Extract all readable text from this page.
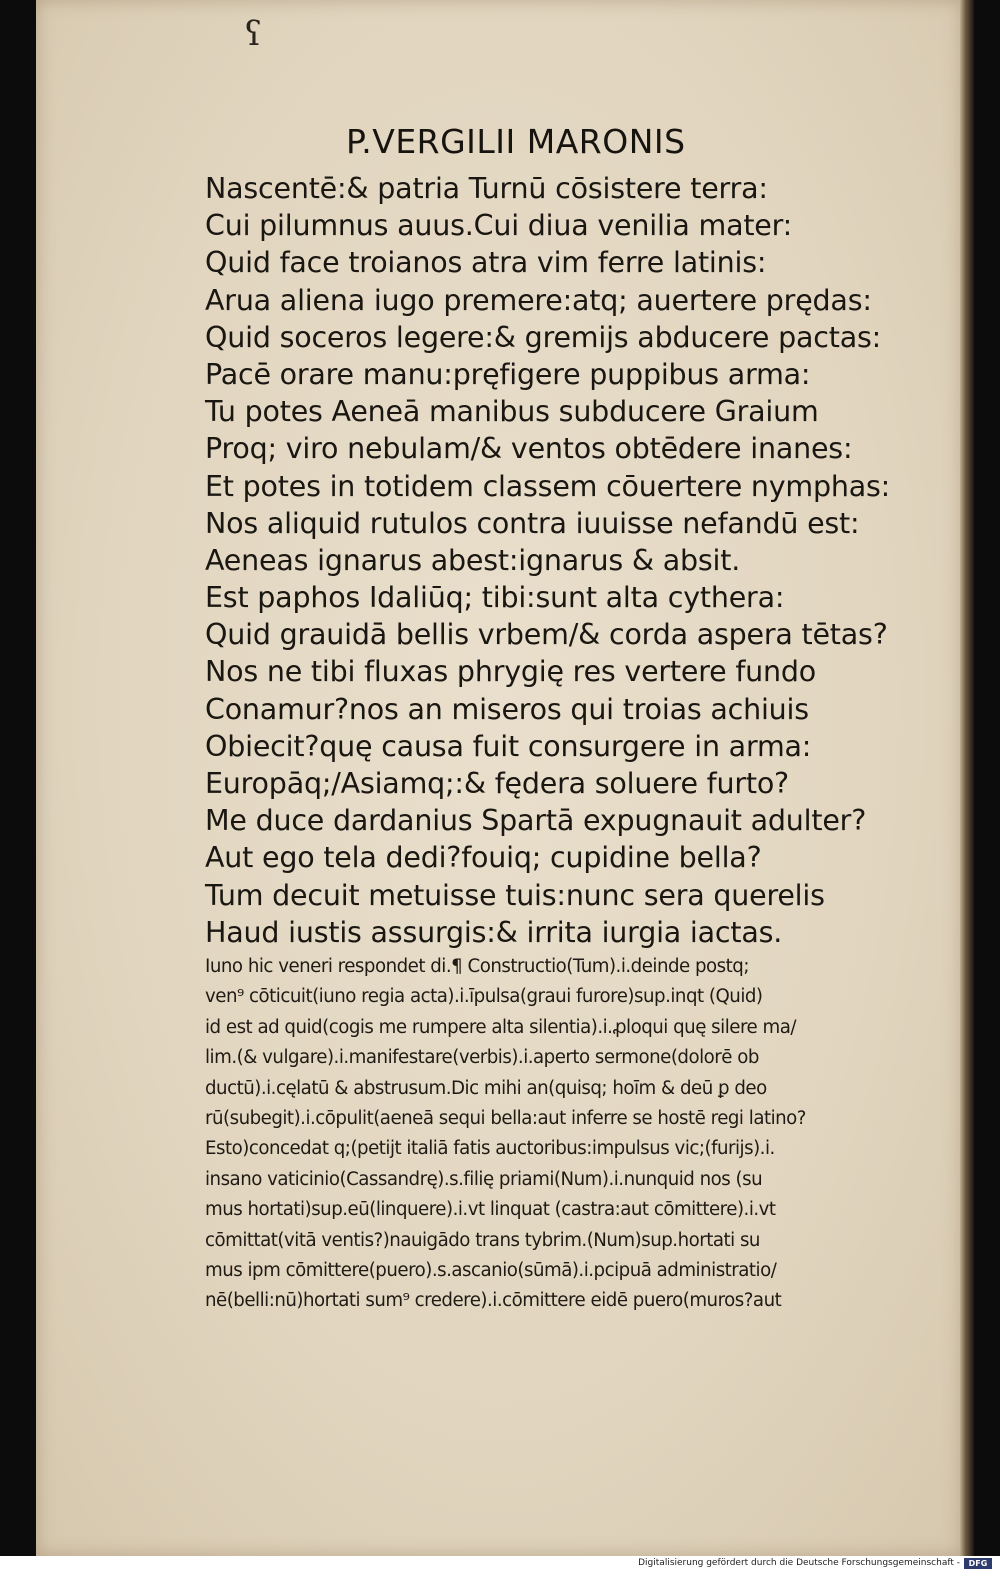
ʕ
P.VERGILII MARONIS
Nascentē:& patria Turnū cōsistere terra:
Cui pilumnus auus.Cui diua venilia mater:
Quid face troianos atra vim ferre latinis:
Arua aliena iugo premere:atq; auertere prędas:
Quid soceros legere:& gremijs abducere pactas:
Pacē orare manu:pręfigere puppibus arma:
Tu potes Aeneā manibus subducere Graium
Proq; viro nebulam/& ventos obtēdere inanes:
Et potes in totidem classem cōuertere nymphas:
Nos aliquid rutulos contra iuuisse nefandū est:
Aeneas ignarus abest:ignarus & absit.
Est paphos Idaliūq; tibi:sunt alta cythera:
Quid grauidā bellis vrbem/& corda aspera tētas?
Nos ne tibi fluxas phrygię res vertere fundo
Conamur?nos an miseros qui troias achiuis
Obiecit?quę causa fuit consurgere in arma:
Europāq;/Asiamq;:& fędera soluere furto?
Me duce dardanius Spartā expugnauit adulter?
Aut ego tela dedi?fouiq; cupidine bella?
Tum decuit metuisse tuis:nunc sera querelis
Haud iustis assurgis:& irrita iurgia iactas.
Iuno hic veneri respondet di.¶ Constructio(Tum).i.deinde postq;
ven⁹ cōticuit(iuno regia acta).i.īpulsa(graui furore)sup.inqt (Quid)
id est ad quid(cogis me rumpere alta silentia).i.ꝓloqui quę silere ma/
lim.(& vulgare).i.manifestare(verbis).i.aperto sermone(dolorē ob
ductū).i.cęlatū & abstrusum.Dic mihi an(quisq; hoīm & deū ꝑ deo
rū(subegit).i.cōpulit(aeneā sequi bella:aut inferre se hostē regi latino?
Esto)concedat q;(petijt italiā fatis auctoribus:impulsus vic;(furijs).i.
insano vaticinio(Cassandrę).s.filię priami(Num).i.nunquid nos (su
mus hortati)sup.eū(linquere).i.vt linquat (castra:aut cōmittere).i.vt
cōmittat(vitā ventis?)nauigādo trans tybrim.(Num)sup.hortati su
mus ipm cōmittere(puero).s.ascanio(sūmā).i.pcipuā administratio/
nē(belli:nū)hortati sum⁹ credere).i.cōmittere eidē puero(muros?aut
Digitalisierung gefördert durch die Deutsche Forschungsgemeinschaft -	DFG
